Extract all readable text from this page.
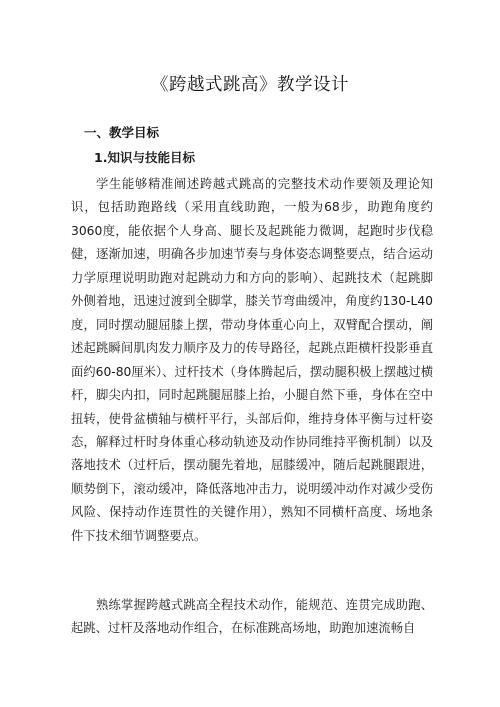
《跨越式跳高》教学设计
一、教学目标
1.知识与技能目标

学生能够精准阐述跨越式跳高的完整技术动作要领及理论知识，包括助跑路线（采用直线助跑，一般为68步，助跑角度约3060度，能依据个人身高、腿长及起跳能力微调，起跑时步伐稳健，逐渐加速，明确各步加速节奏与身体姿态调整要点，结合运动力学原理说明助跑对起跳动力和方向的影响）、起跳技术（起跳脚外侧着地，迅速过渡到全脚掌，膝关节弯曲缓冲，角度约130-L40度，同时摆动腿屈膝上摆，带动身体重心向上，双臂配合摆动，阐述起跳瞬间肌肉发力顺序及力的传导路径，起跳点距横杆投影垂直面约60-80厘米）、过杆技术（身体腾起后，摆动腿积极上摆越过横杆，脚尖内扣，同时起跳腿屈膝上抬，小腿自然下垂，身体在空中扭转，使骨盆横轴与横杆平行，头部后仰，维持身体平衡与过杆姿态，解释过杆时身体重心移动轨迹及动作协同维持平衡机制）以及落地技术（过杆后，摆动腿先着地，屈膝缓冲，随后起跳腿跟进，顺势倒下，滚动缓冲，降低落地冲击力，说明缓冲动作对减少受伤风险、保持动作连贯性的关键作用），熟知不同横杆高度、场地条件下技术细节调整要点。

熟练掌握跨越式跳高全程技术动作，能规范、连贯完成助跑、起跳、过杆及落地动作组合，在标准跳高场地，助跑加速流畅自
